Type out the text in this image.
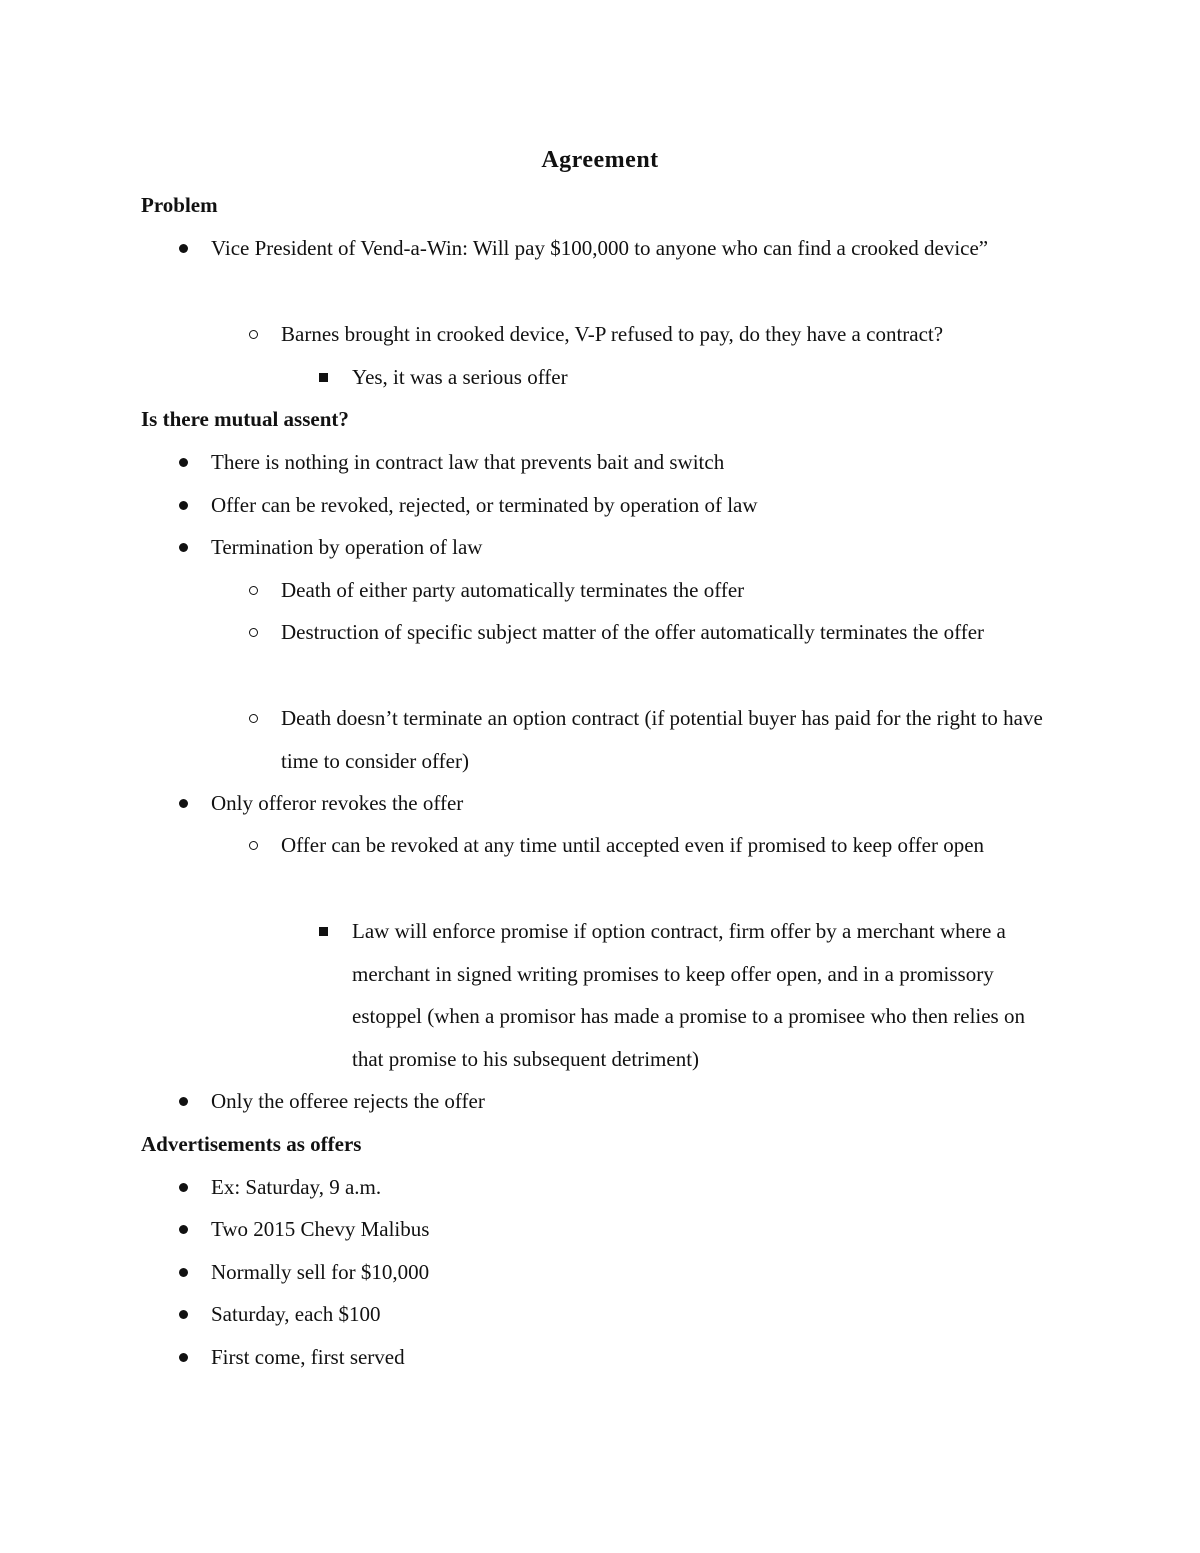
Agreement
Problem
Vice President of Vend-a-Win: Will pay $100,000 to anyone who can find a crooked device”
Barnes brought in crooked device, V-P refused to pay, do they have a contract?
Yes, it was a serious offer
Is there mutual assent?
There is nothing in contract law that prevents bait and switch
Offer can be revoked, rejected, or terminated by operation of law
Termination by operation of law
Death of either party automatically terminates the offer
Destruction of specific subject matter of the offer automatically terminates the offer
Death doesn’t terminate an option contract (if potential buyer has paid for the right to have time to consider offer)
Only offeror revokes the offer
Offer can be revoked at any time until accepted even if promised to keep offer open
Law will enforce promise if option contract, firm offer by a merchant where a merchant in signed writing promises to keep offer open, and in a promissory estoppel (when a promisor has made a promise to a promisee who then relies on that promise to his subsequent detriment)
Only the offeree rejects the offer
Advertisements as offers
Ex: Saturday, 9 a.m.
Two 2015 Chevy Malibus
Normally sell for $10,000
Saturday, each $100
First come, first served
